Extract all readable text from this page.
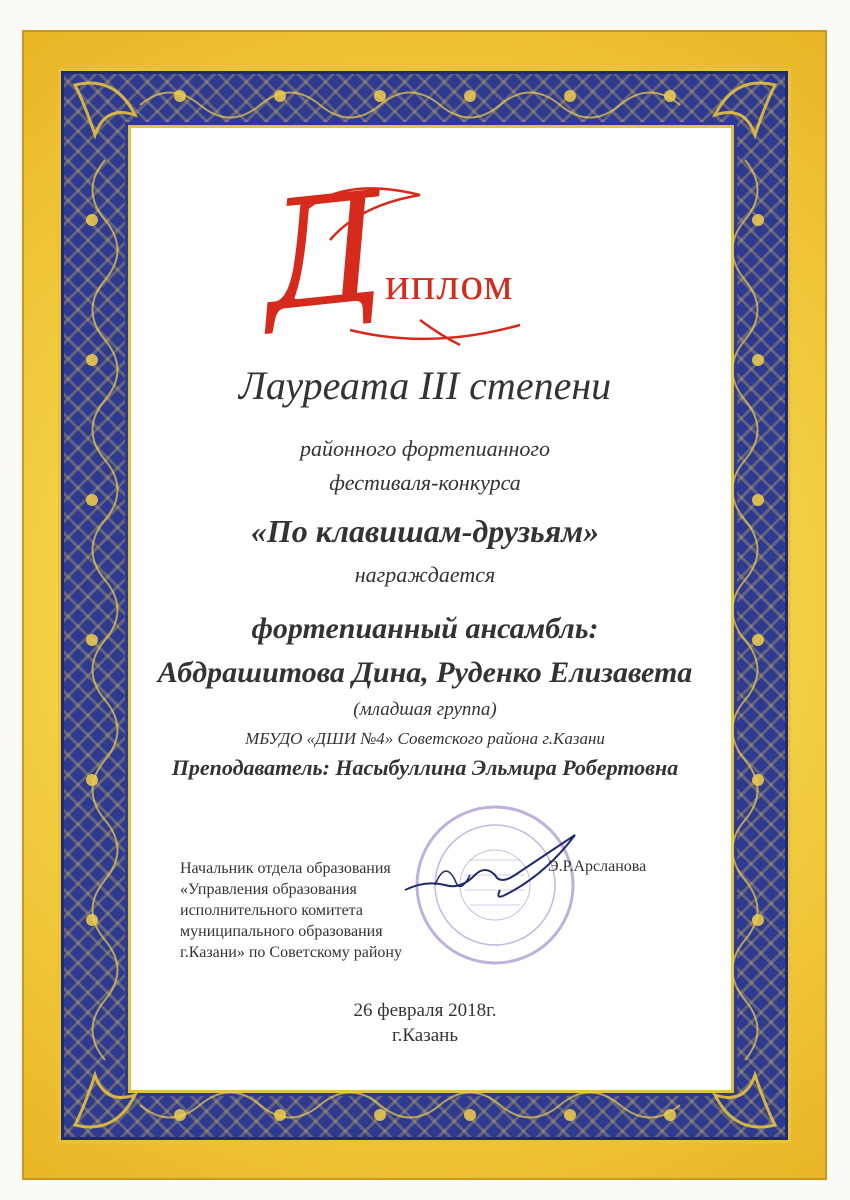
Д
иплом
Лауреата III степени
районного фортепианного
фестиваля-конкурса
«По клавишам-друзьям»
награждается
фортепианный ансамбль:
Абдрашитова Дина, Руденко Елизавета
(младшая группа)
МБУДО «ДШИ №4» Советского района г.Казани
Преподаватель: Насыбуллина Эльмира Робертовна
Начальник отдела образования
«Управления образования
исполнительного комитета
муниципального образования
г.Казани» по Советскому району
Э.Р.Арсланова
26 февраля 2018г.
г.Казань
